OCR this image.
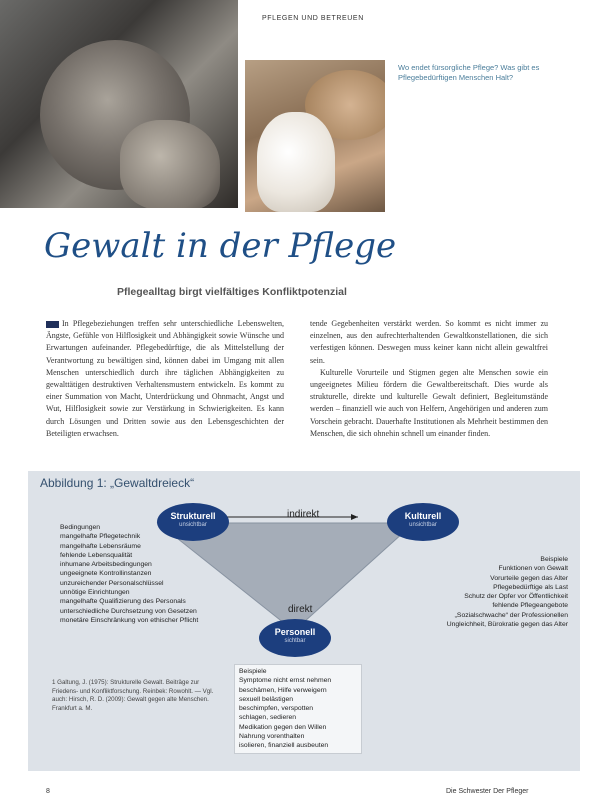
PFLEGEN UND BETREUEN
Wo endet fürsorgliche Pflege? Was gibt es Pflegebedürftigen Menschen Halt?
Gewalt in der Pflege
Pflegealltag birgt vielfältiges Konfliktpotenzial

In Pflegebeziehungen treffen sehr unterschiedliche Lebenswelten, Ängste, Gefühle von Hilflosigkeit und Abhängigkeit sowie Wünsche und Erwartungen aufeinander. Pflegebedürftige, die als Mittelstellung der Verantwortung zu bewältigen sind, können dabei im Umgang mit allen Menschen unterschiedlich durch ihre täglichen Abhängigkeiten zu gewalttätigen destruktiven Verhaltensmustern entwickeln. Es kommt zu einer Summation von Macht, Unterdrückung und Ohnmacht, Angst und Wut, Hilflosigkeit sowie zur Verstärkung in Schwierigkeiten. Es kann durch Lösungen und Dritten sowie aus den Lebensgeschichten der Beteiligten erwachsen.

tende Gegebenheiten verstärkt werden. So kommt es nicht immer zu einzelnen, aus den aufrechterhaltenden Gewaltkonstellationen, die sich verfestigen können. Deswegen muss keiner kann nicht allein gewaltfrei sein.

Kulturelle Vorurteile und Stigmen gegen alte Menschen sowie ein ungeeignetes Milieu fördern die Gewaltbereitschaft. Dies wurde als strukturelle, direkte und kulturelle Gewalt definiert, Begleitumstände werden – finanziell wie auch von Helfern, Angehörigen und anderen zum Vorschein gebracht. Dauerhafte Institutionen als Mehrheit bestimmen den Menschen, die sich ohnehin schnell um einander finden.

Abbildung 1: „Gewaltdreieck“
Strukturell
unsichtbar
Kulturell
unsichtbar
Personell
sichtbar
indirekt
direkt
Bedingungen
mangelhafte Pflegetechnik
mangelhafte Lebensräume
fehlende Lebensqualität
inhumane Arbeitsbedingungen
ungeeignete Kontrollinstanzen
unzureichender Personalschlüssel
unnötige Einrichtungen
mangelhafte Qualifizierung des Personals
unterschiedliche Durchsetzung von Gesetzen
monetäre Einschränkung von ethischer Pflicht
Beispiele
Funktionen von Gewalt
Vorurteile gegen das Alter
Pflegebedürftige als Last
Schutz der Opfer vor Öffentlichkeit
fehlende Pflegeangebote
„Sozialschwache“ der Professionellen
Ungleichheit, Bürokratie gegen das Alter
Beispiele
Symptome nicht ernst nehmen
beschämen, Hilfe verweigern
sexuell belästigen
beschimpfen, verspotten
schlagen, sedieren
Medikation gegen den Willen
Nahrung vorenthalten
isolieren, finanziell ausbeuten
1 Galtung, J. (1975): Strukturelle Gewalt. Beiträge zur Friedens- und Konfliktforschung. Reinbek: Rowohlt. — Vgl. auch: Hirsch, R. D. (2009): Gewalt gegen alte Menschen. Frankfurt a. M.
8	Die Schwester Der Pfleger
